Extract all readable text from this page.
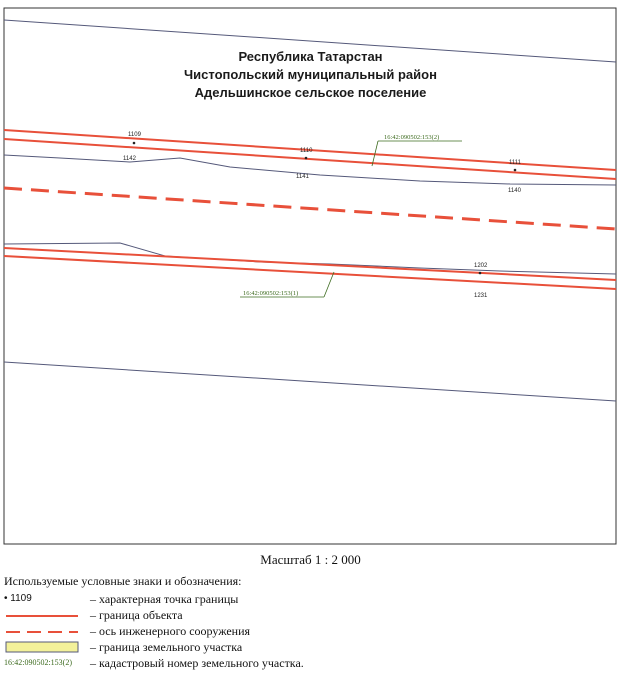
1109
1142
1110
1141
1111
1140
1202
1231
16:42:090502:153(2)
16:42:090502:153(1)
Республика Татарстан
Чистопольский муниципальный район
Адельшинское сельское поселение
Масштаб 1 : 2 000
Используемые условные знаки и обозначения:
• 1109	– характерная точка границы
– граница объекта
– ось инженерного сооружения
– граница земельного участка
16:42:090502:153(2) – кадастровый номер земельного участка.
